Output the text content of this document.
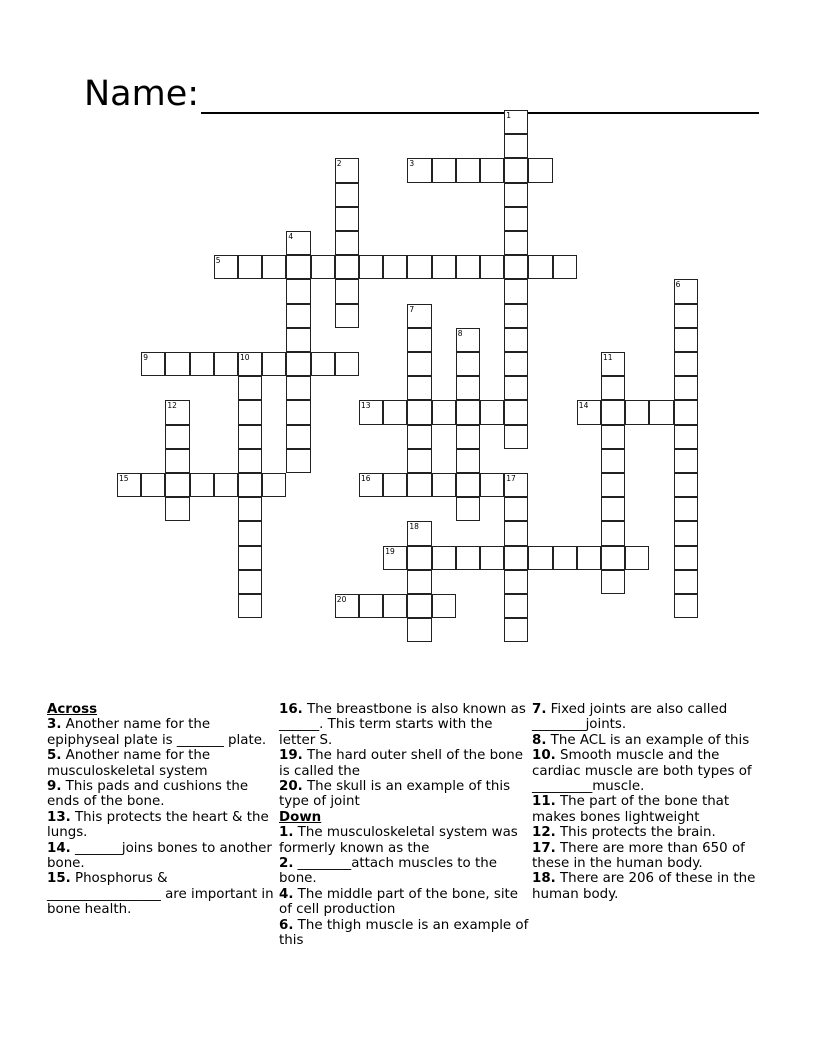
Name:
1
2	3
4
5
6
7
8
9	10	11
12	13	14
15	16	17
18
19
20
Across
3. Another name for the epiphyseal plate is _______ plate.
5. Another name for the musculoskeletal system
9. This pads and cushions the ends of the bone.
13. This protects the heart & the lungs.
14. _______joins bones to another bone.
15. Phosphorus & _________________ are important in bone health.
16. The breastbone is also known as ______. This term starts with the letter S.
19. The hard outer shell of the bone is called the
20. The skull is an example of this type of joint
Down
1. The musculoskeletal system was formerly known as the
2. ________attach muscles to the bone.
4. The middle part of the bone, site of cell production
6. The thigh muscle is an example of this
7. Fixed joints are also called ________joints.
8. The ACL is an example of this
10. Smooth muscle and the cardiac muscle are both types of _________muscle.
11. The part of the bone that makes bones lightweight
12. This protects the brain.
17. There are more than 650 of these in the human body.
18. There are 206 of these in the human body.
